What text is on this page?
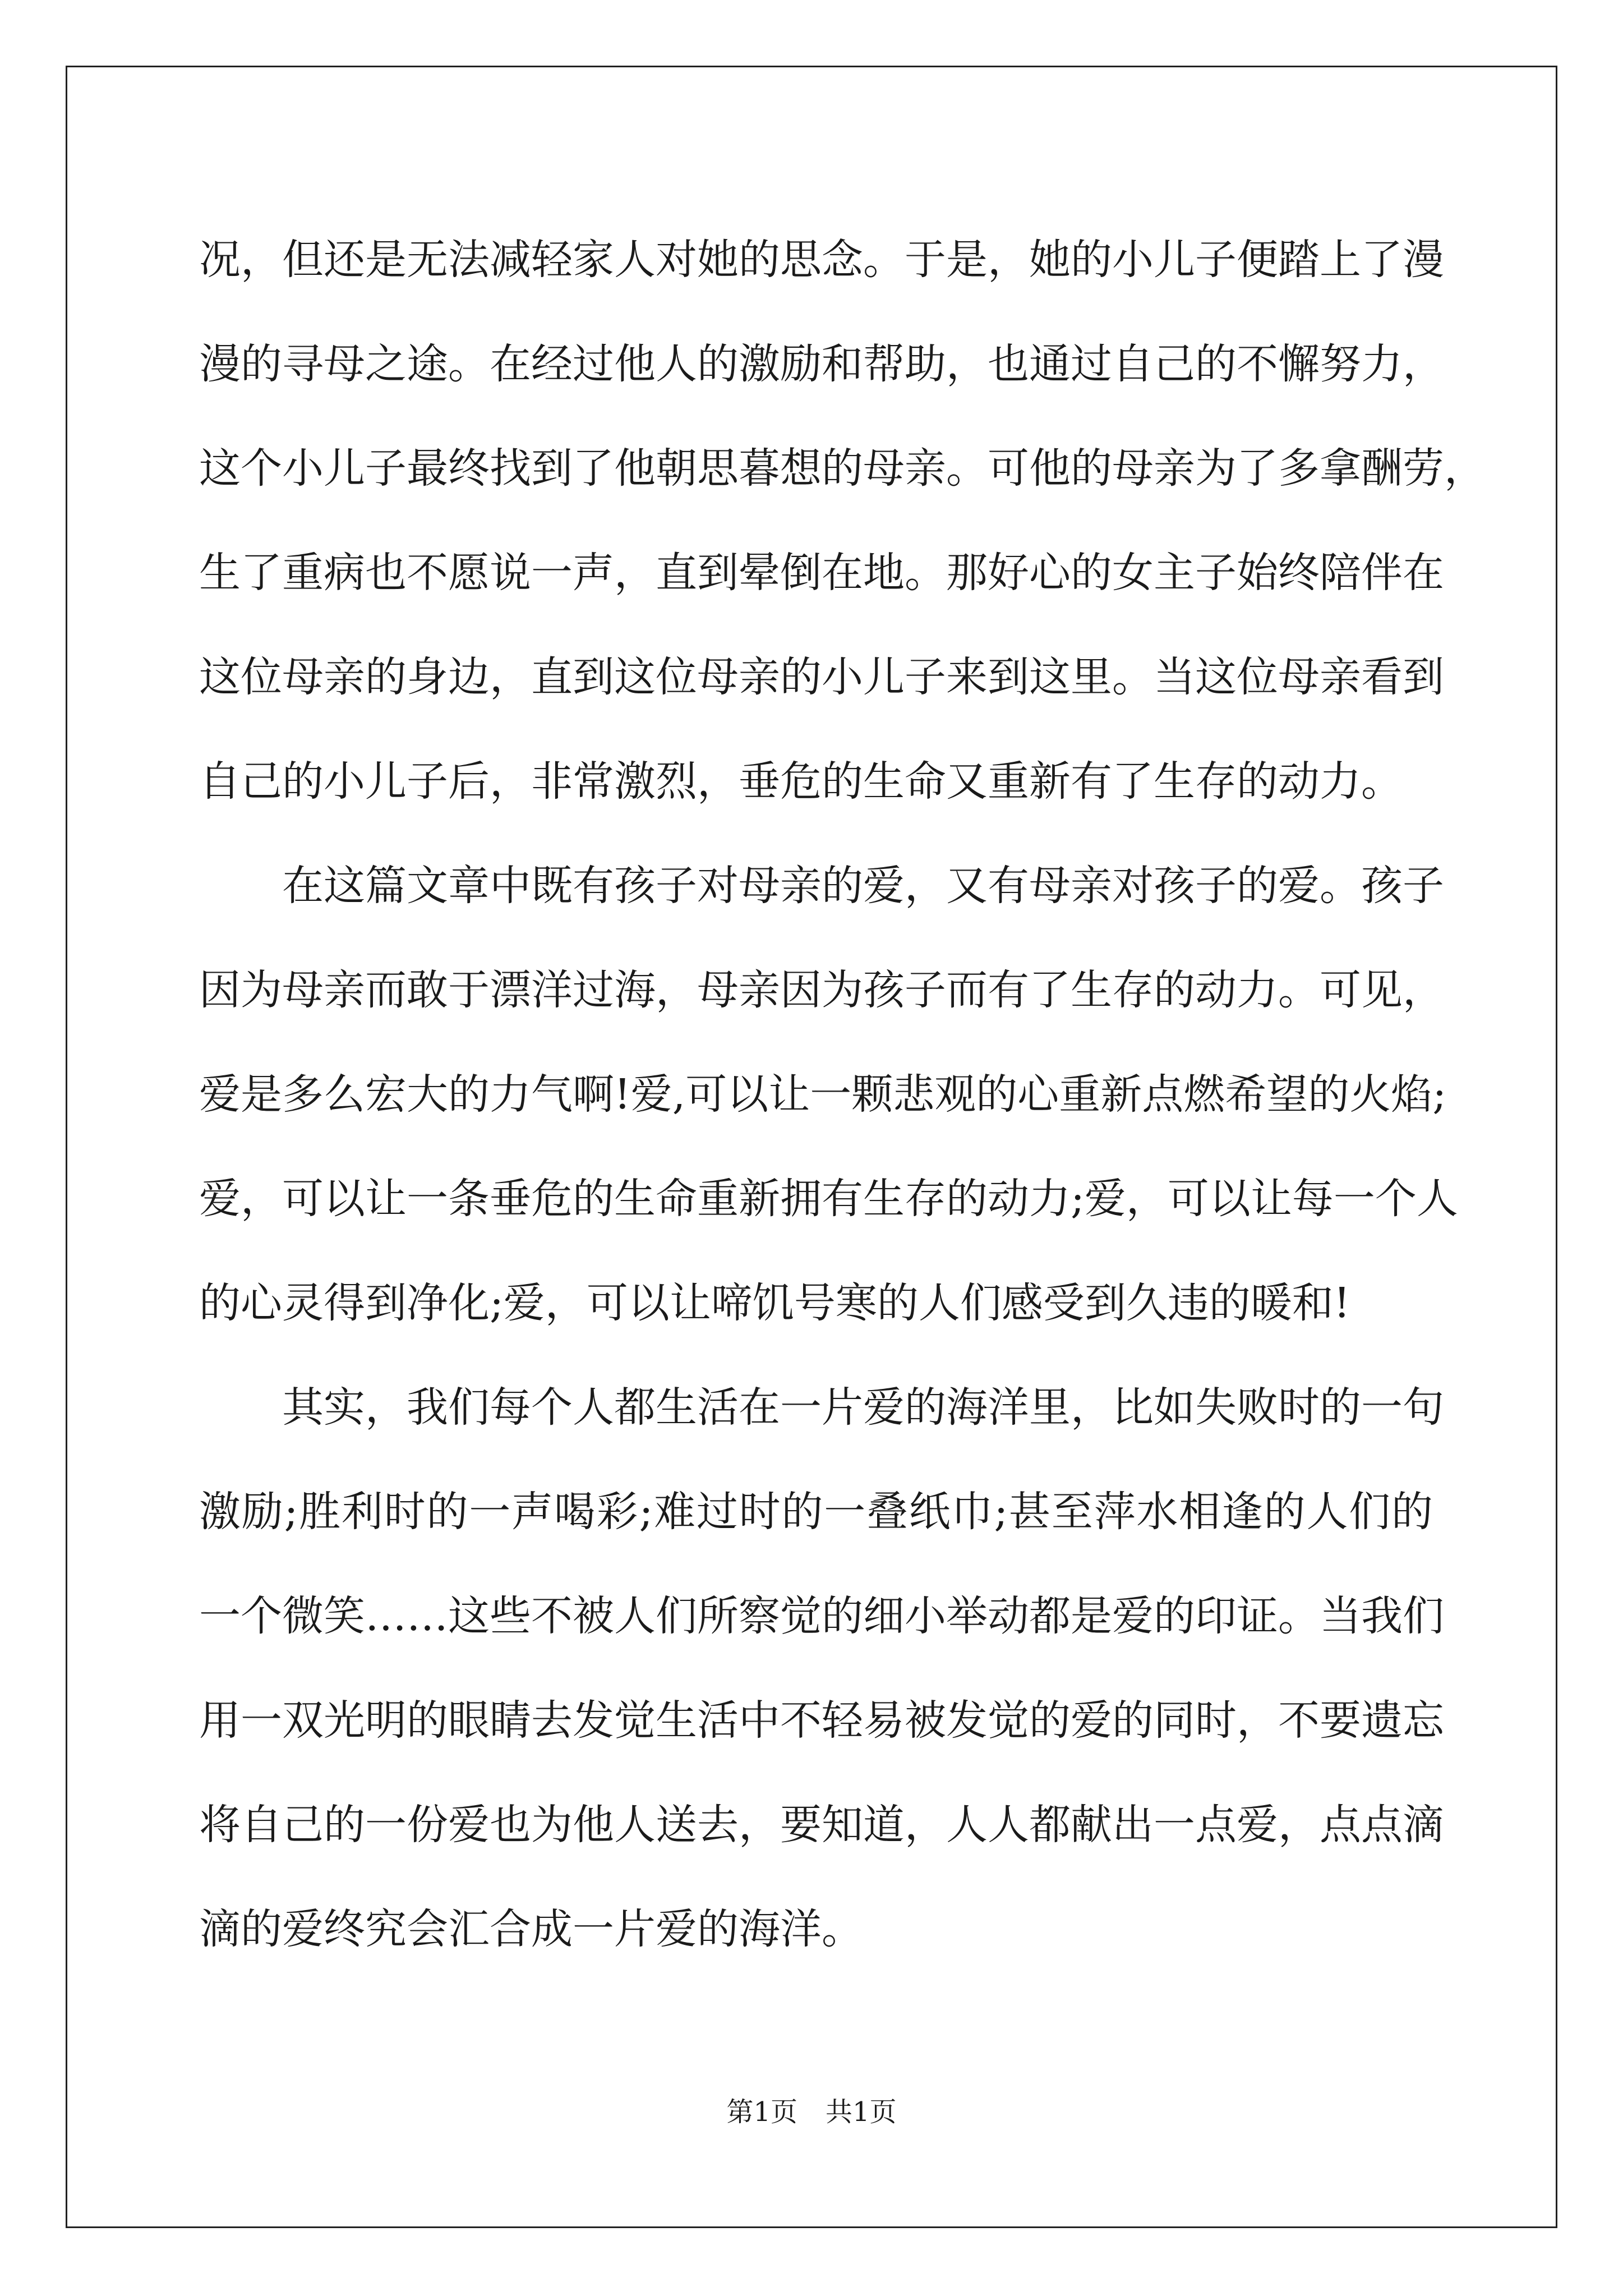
况，但还是无法减轻家人对她的思念。于是，她的小儿子便踏上了漫
漫的寻母之途。在经过他人的激励和帮助，也通过自己的不懈努力，
这个小儿子最终找到了他朝思暮想的母亲。可他的母亲为了多拿酬劳，
生了重病也不愿说一声，直到晕倒在地。那好心的女主子始终陪伴在
这位母亲的身边，直到这位母亲的小儿子来到这里。当这位母亲看到
自己的小儿子后，非常激烈，垂危的生命又重新有了生存的动力。
在这篇文章中既有孩子对母亲的爱，又有母亲对孩子的爱。孩子
因为母亲而敢于漂洋过海，母亲因为孩子而有了生存的动力。可见，
爱是多么宏大的力气啊!爱,可以让一颗悲观的心重新点燃希望的火焰;
爱，可以让一条垂危的生命重新拥有生存的动力;爱，可以让每一个人
的心灵得到净化;爱，可以让啼饥号寒的人们感受到久违的暖和!
其实，我们每个人都生活在一片爱的海洋里，比如失败时的一句
激励;胜利时的一声喝彩;难过时的一叠纸巾;甚至萍水相逢的人们的
一个微笑……这些不被人们所察觉的细小举动都是爱的印证。当我们
用一双光明的眼睛去发觉生活中不轻易被发觉的爱的同时，不要遗忘
将自己的一份爱也为他人送去，要知道，人人都献出一点爱，点点滴
滴的爱终究会汇合成一片爱的海洋。
第1页 共1页
